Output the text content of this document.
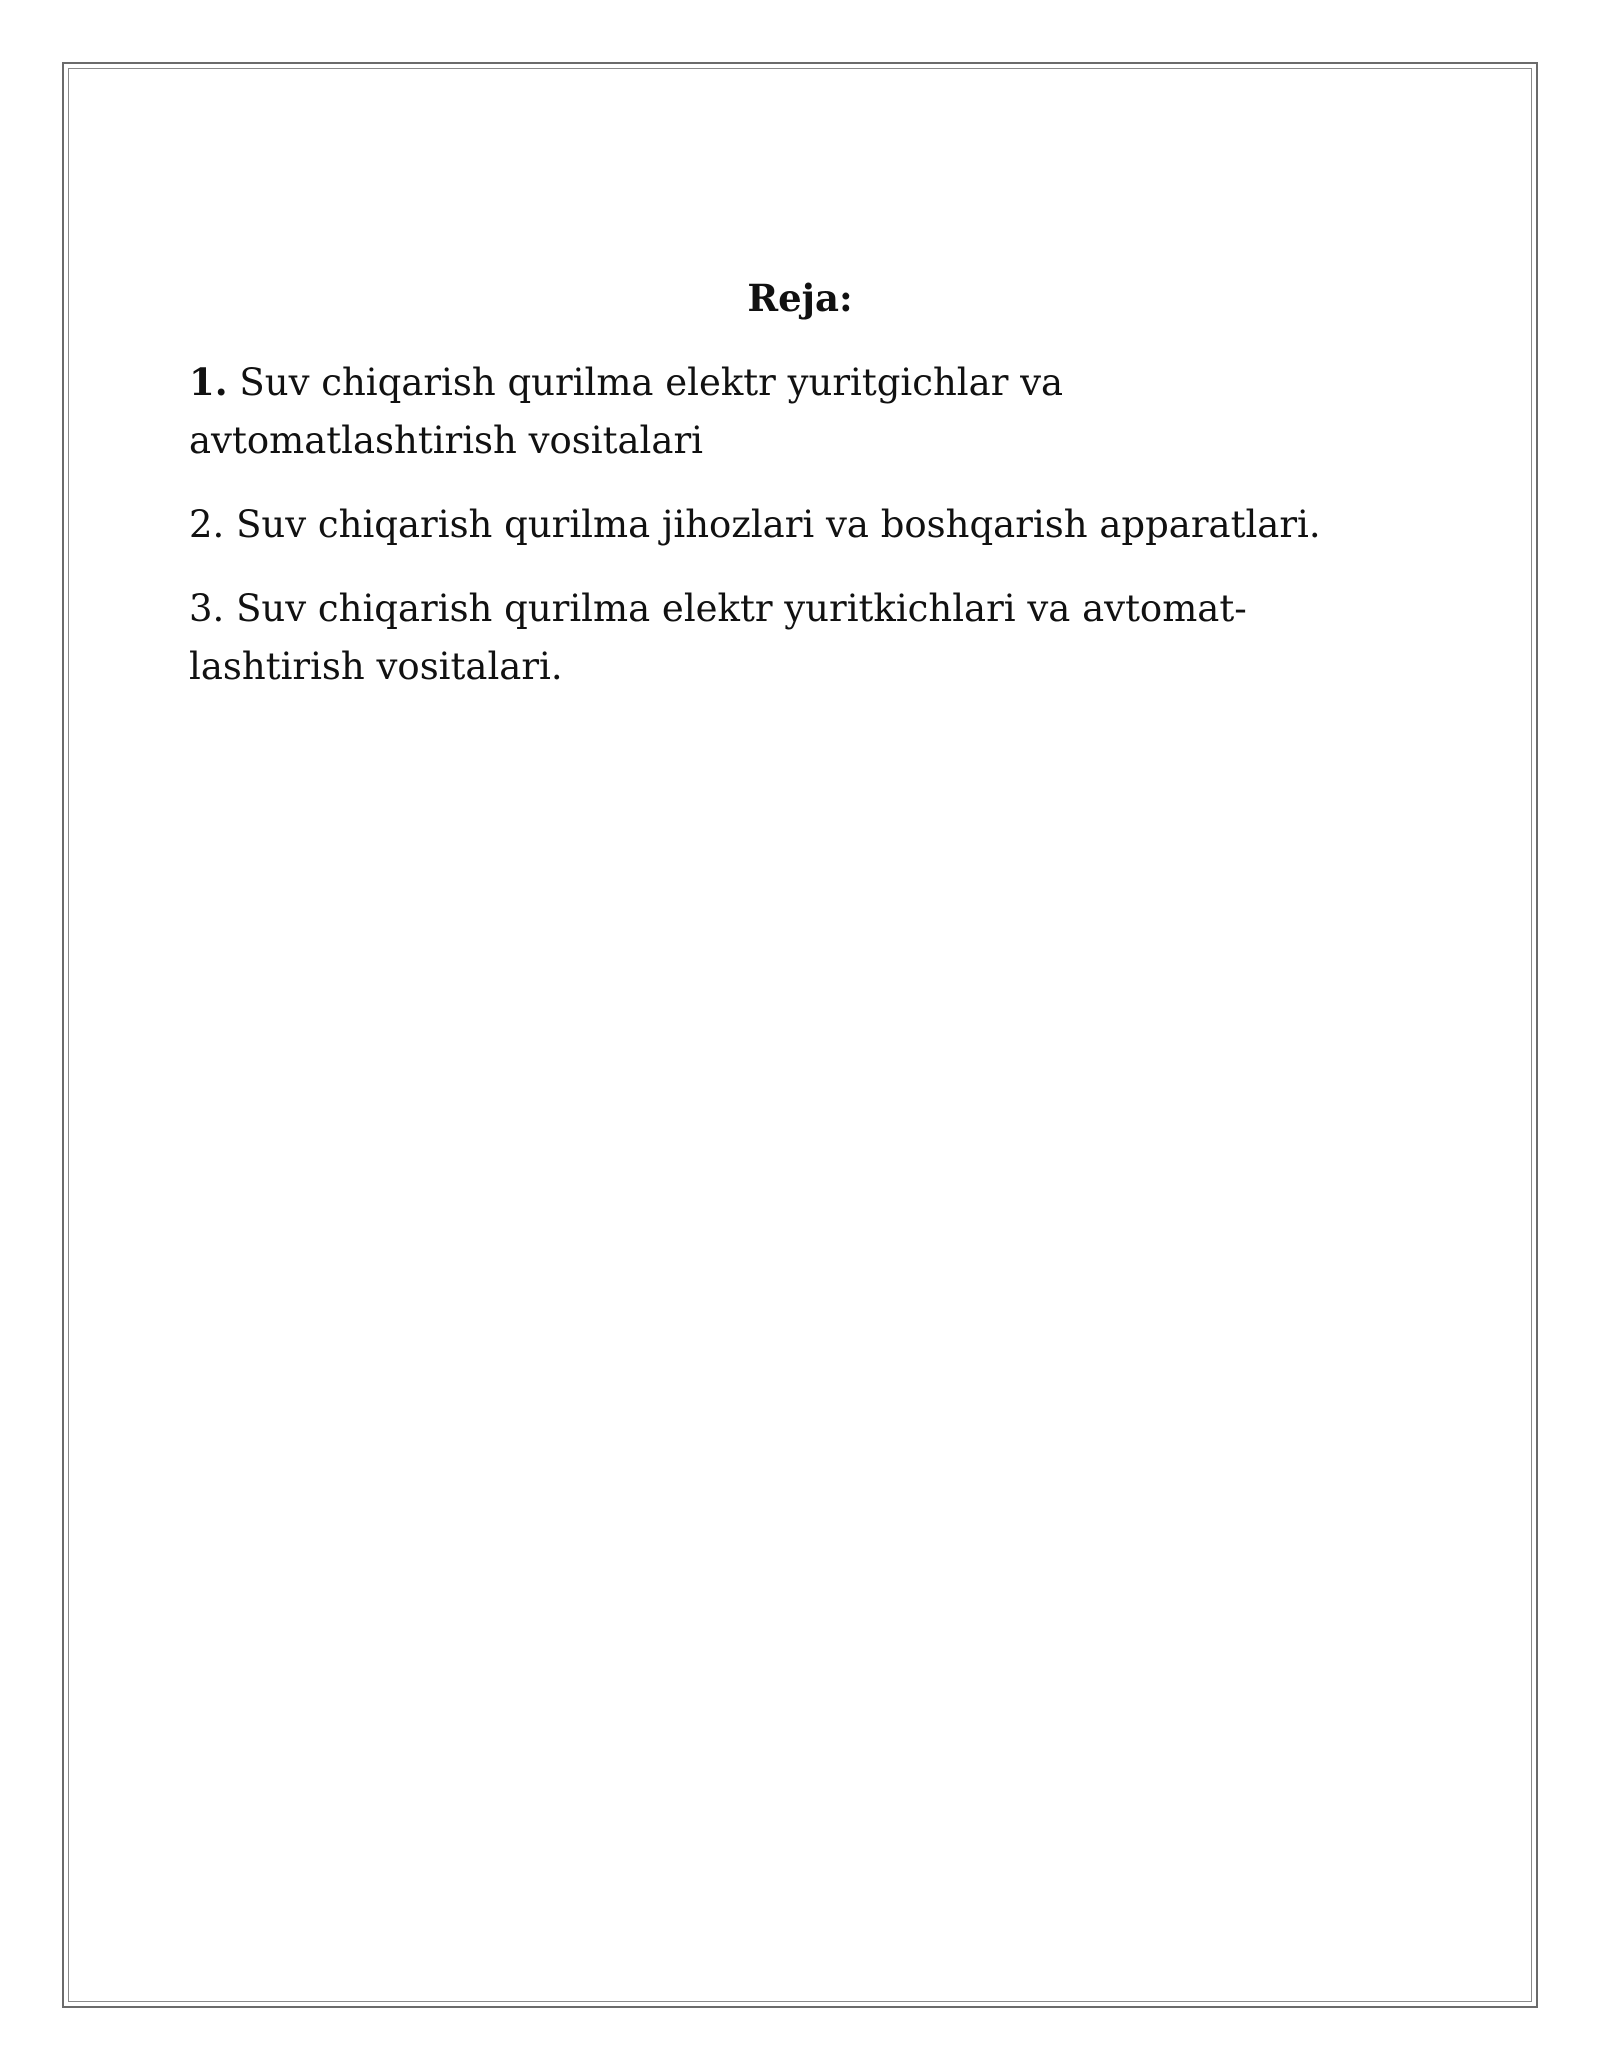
Reja:
1. Suv chiqarish qurilma elektr yuritgichlar va avtomatlashtirish vositalari
2. Suv chiqarish qurilma jihozlari va boshqarish apparatlari.
3. Suv chiqarish qurilma elektr yuritkichlari va avtomat-lashtirish vositalari.
